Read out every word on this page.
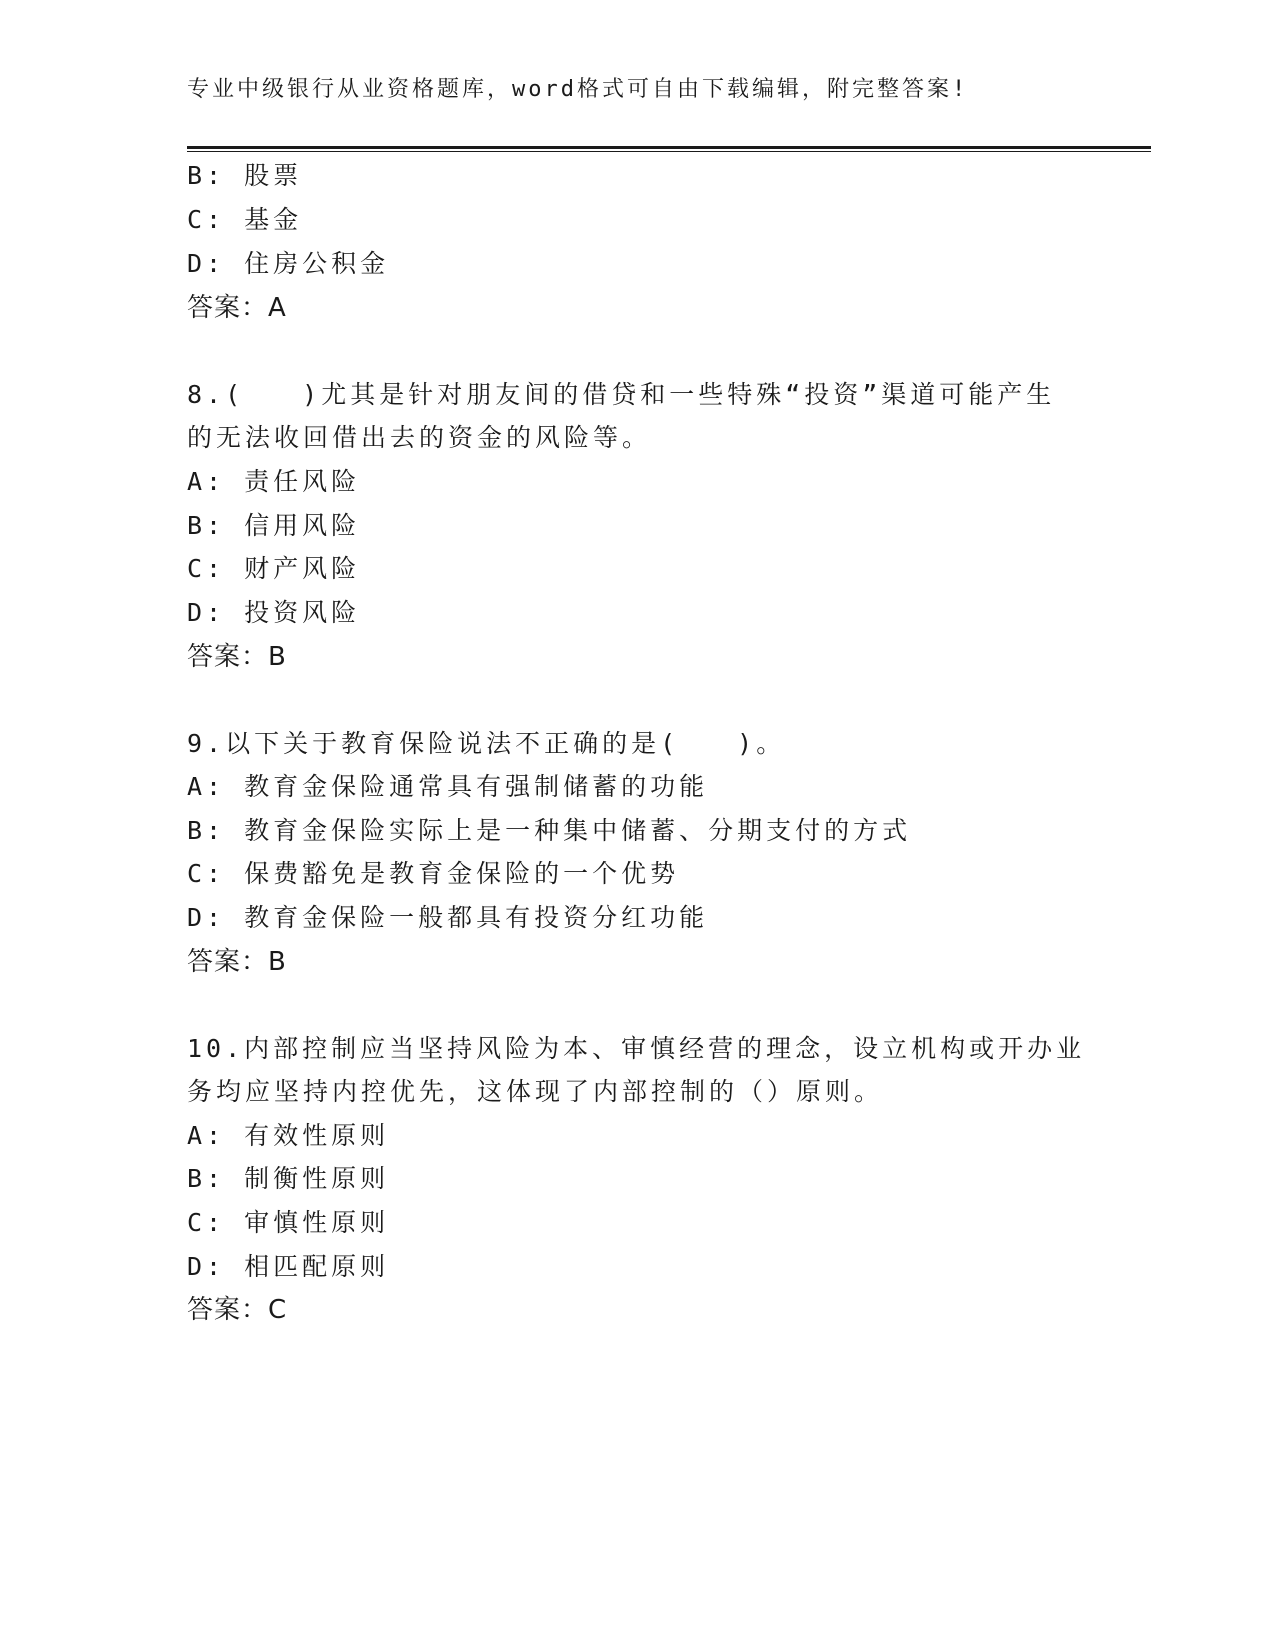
专业中级银行从业资格题库，word格式可自由下载编辑，附完整答案!
B: 股票
C: 基金
D: 住房公积金
答案：A
8.(　　)尤其是针对朋友间的借贷和一些特殊“投资”渠道可能产生
的无法收回借出去的资金的风险等。
A: 责任风险
B: 信用风险
C: 财产风险
D: 投资风险
答案：B
9.以下关于教育保险说法不正确的是(　　)。
A: 教育金保险通常具有强制储蓄的功能
B: 教育金保险实际上是一种集中储蓄、分期支付的方式
C: 保费豁免是教育金保险的一个优势
D: 教育金保险一般都具有投资分红功能
答案：B
10.内部控制应当坚持风险为本、审慎经营的理念，设立机构或开办业
务均应坚持内控优先，这体现了内部控制的（）原则。
A: 有效性原则
B: 制衡性原则
C: 审慎性原则
D: 相匹配原则
答案：C
